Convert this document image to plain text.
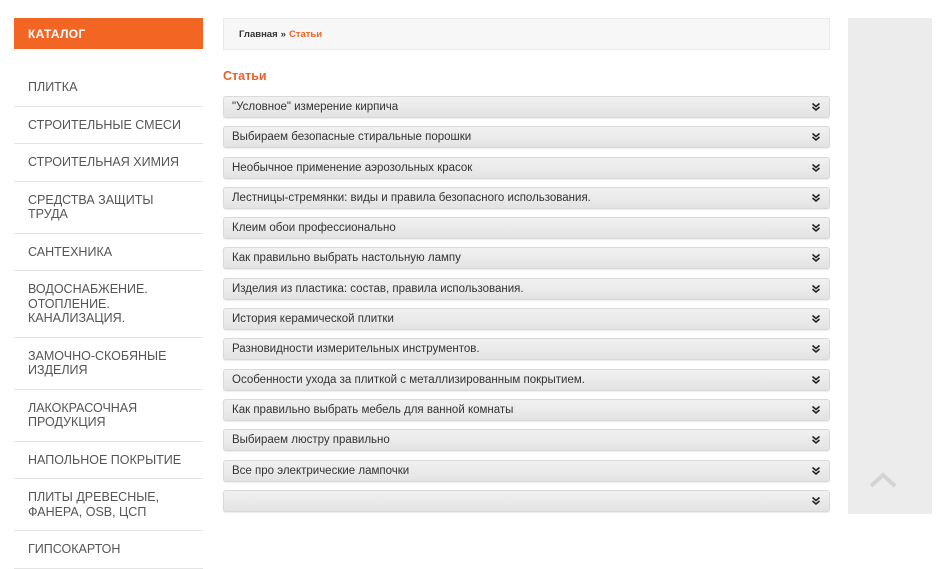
КАТАЛОГ
ПЛИТКА
СТРОИТЕЛЬНЫЕ СМЕСИ
СТРОИТЕЛЬНАЯ ХИМИЯ
СРЕДСТВА ЗАЩИТЫ ТРУДА
САНТЕХНИКА
ВОДОСНАБЖЕНИЕ. ОТОПЛЕНИЕ. КАНАЛИЗАЦИЯ.
ЗАМОЧНО-СКОБЯНЫЕ ИЗДЕЛИЯ
ЛАКОКРАСОЧНАЯ ПРОДУКЦИЯ
НАПОЛЬНОЕ ПОКРЫТИЕ
ПЛИТЫ ДРЕВЕСНЫЕ, ФАНЕРА, OSB, ЦСП
ГИПСОКАРТОН
Главная » Статьи
Статьи
"Условное" измерение кирпича
Выбираем безопасные стиральные порошки
Необычное применение аэрозольных красок
Лестницы-стремянки: виды и правила безопасного использования.
Клеим обои профессионально
Как правильно выбрать настольную лампу
Изделия из пластика: состав, правила использования.
История керамической плитки
Разновидности измерительных инструментов.
Особенности ухода за плиткой с металлизированным покрытием.
Как правильно выбрать мебель для ванной комнаты
Выбираем люстру правильно
Все про электрические лампочки
